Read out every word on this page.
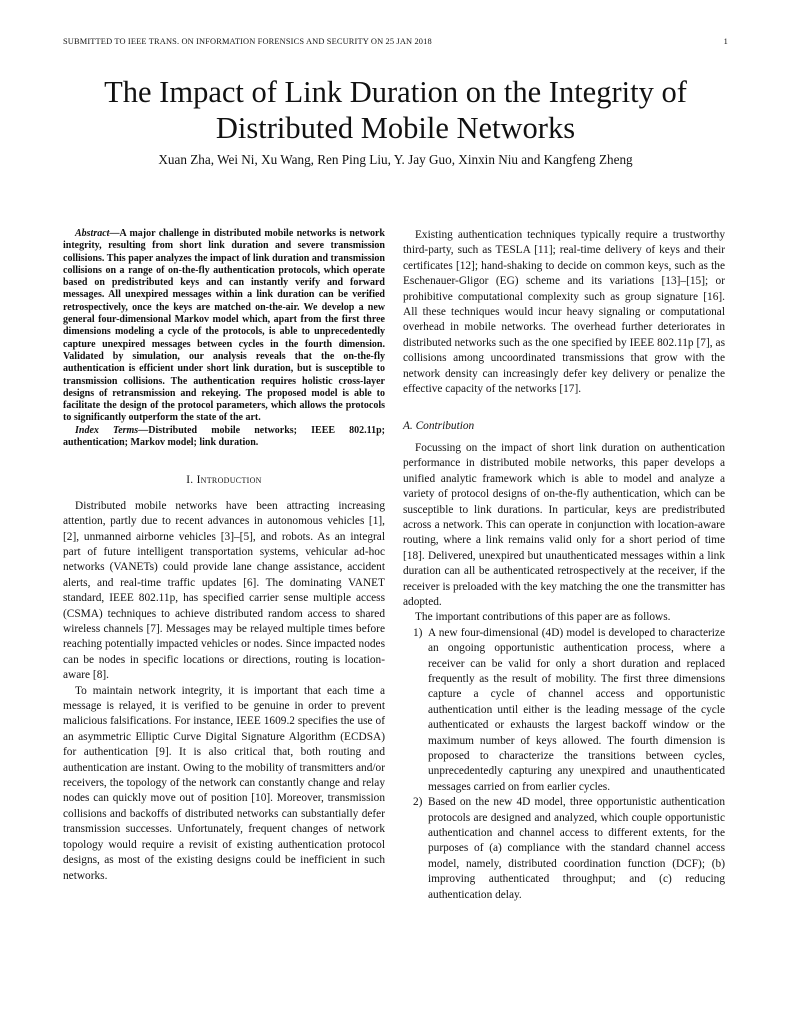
SUBMITTED TO IEEE TRANS. ON INFORMATION FORENSICS AND SECURITY ON 25 JAN 2018	1
The Impact of Link Duration on the Integrity of
Distributed Mobile Networks
Xuan Zha, Wei Ni, Xu Wang, Ren Ping Liu, Y. Jay Guo, Xinxin Niu and Kangfeng Zheng

Abstract—A major challenge in distributed mobile networks is network integrity, resulting from short link duration and severe transmission collisions. This paper analyzes the impact of link duration and transmission collisions on a range of on-the-fly authentication protocols, which operate based on predistributed keys and can instantly verify and forward messages. All unexpired messages within a link duration can be verified retrospectively, once the keys are matched on-the-air. We develop a new general four-dimensional Markov model which, apart from the first three dimensions modeling a cycle of the protocols, is able to unprecedentedly capture unexpired messages between cycles in the fourth dimension. Validated by simulation, our analysis reveals that the on-the-fly authentication is efficient under short link duration, but is susceptible to transmission collisions. The authentication requires holistic cross-layer designs of retransmission and rekeying. The proposed model is able to facilitate the design of the protocol parameters, which allows the protocols to significantly outperform the state of the art.

Index Terms—Distributed mobile networks; IEEE 802.11p; authentication; Markov model; link duration.

I. Introduction

Distributed mobile networks have been attracting increasing attention, partly due to recent advances in autonomous vehicles [1], [2], unmanned airborne vehicles [3]–[5], and robots. As an integral part of future intelligent transportation systems, vehicular ad-hoc networks (VANETs) could provide lane change assistance, accident alerts, and real-time traffic updates [6]. The dominating VANET standard, IEEE 802.11p, has specified carrier sense multiple access (CSMA) techniques to achieve distributed random access to shared wireless channels [7]. Messages may be relayed multiple times before reaching potentially impacted vehicles or nodes. Since impacted nodes can be nodes in specific locations or directions, routing is location-aware [8].

To maintain network integrity, it is important that each time a message is relayed, it is verified to be genuine in order to prevent malicious falsifications. For instance, IEEE 1609.2 specifies the use of an asymmetric Elliptic Curve Digital Signature Algorithm (ECDSA) for authentication [9]. It is also critical that, both routing and authentication are instant. Owing to the mobility of transmitters and/or receivers, the topology of the network can constantly change and relay nodes can quickly move out of position [10]. Moreover, transmission collisions and backoffs of distributed networks can substantially defer transmission successes. Unfortunately, frequent changes of network topology would require a revisit of existing authentication protocol designs, as most of the existing designs could be inefficient in such networks.

Existing authentication techniques typically require a trustworthy third-party, such as TESLA [11]; real-time delivery of keys and their certificates [12]; hand-shaking to decide on common keys, such as the Eschenauer-Gligor (EG) scheme and its variations [13]–[15]; or prohibitive computational complexity such as group signature [16]. All these techniques would incur heavy signaling or computational overhead in mobile networks. The overhead further deteriorates in distributed networks such as the one specified by IEEE 802.11p [7], as collisions among uncoordinated transmissions that grow with the network density can increasingly defer key delivery or penalize the effective capacity of the networks [17].

A. Contribution

Focussing on the impact of short link duration on authentication performance in distributed mobile networks, this paper develops a unified analytic framework which is able to model and analyze a variety of protocol designs of on-the-fly authentication, which can be susceptible to link durations. In particular, keys are predistributed across a network. This can operate in conjunction with location-aware routing, where a link remains valid only for a short period of time [18]. Delivered, unexpired but unauthenticated messages within a link duration can all be authenticated retrospectively at the receiver, if the receiver is preloaded with the key matching the one the transmitter has adopted.

The important contributions of this paper are as follows.

1) A new four-dimensional (4D) model is developed to characterize an ongoing opportunistic authentication process, where a receiver can be valid for only a short duration and replaced frequently as the result of mobility. The first three dimensions capture a cycle of channel access and opportunistic authentication until either is the leading message of the cycle authenticated or exhausts the largest backoff window or the maximum number of keys allowed. The fourth dimension is proposed to characterize the transitions between cycles, unprecedentedly capturing any unexpired and unauthenticated messages carried on from earlier cycles.
2) Based on the new 4D model, three opportunistic authentication protocols are designed and analyzed, which couple opportunistic authentication and channel access to different extents, for the purposes of (a) compliance with the standard channel access model, namely, distributed coordination function (DCF); (b) improving authenticated throughput; and (c) reducing authentication delay.
